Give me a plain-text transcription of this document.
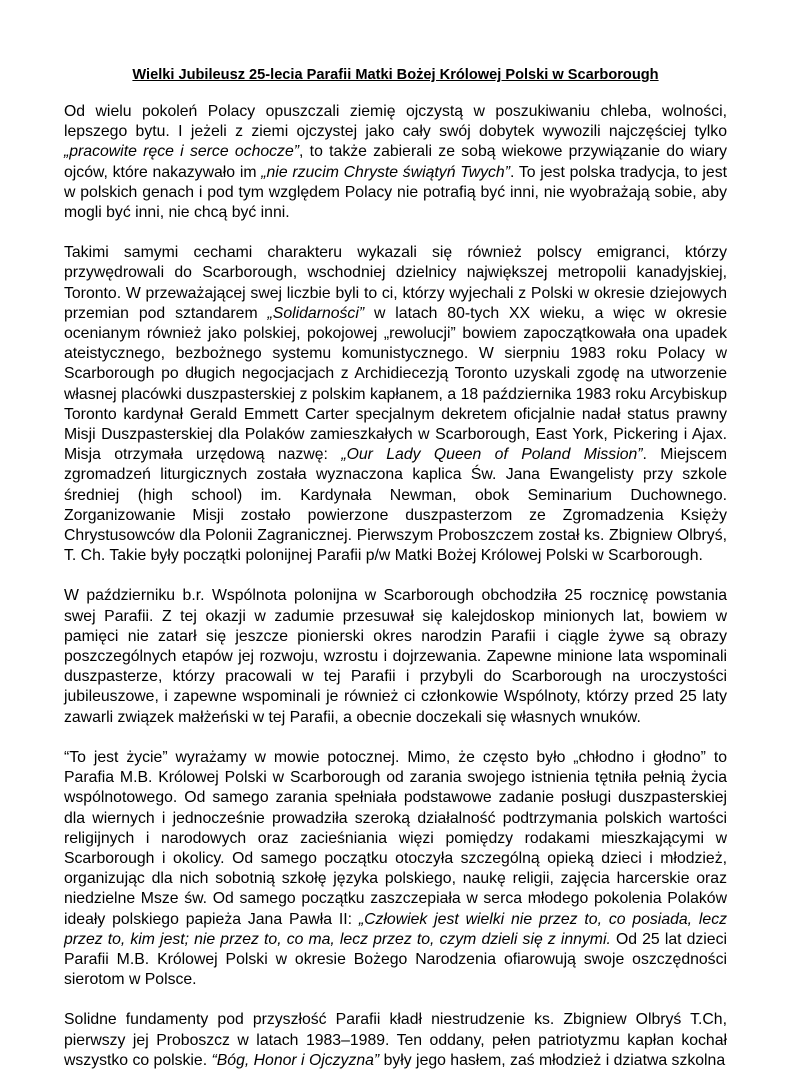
Wielki Jubileusz 25-lecia Parafii Matki Bożej Królowej Polski w Scarborough

Od wielu pokoleń Polacy opuszczali ziemię ojczystą w poszukiwaniu chleba, wolności, lepszego bytu. I jeżeli z ziemi ojczystej jako cały swój dobytek wywozili najczęściej tylko „pracowite ręce i serce ochocze”, to także zabierali ze sobą wiekowe przywiązanie do wiary ojców, które nakazywało im „nie rzucim Chryste świątyń Twych”. To jest polska tradycja, to jest w polskich genach i pod tym względem Polacy nie potrafią być inni, nie wyobrażają sobie, aby mogli być inni, nie chcą być inni.

Takimi samymi cechami charakteru wykazali się również polscy emigranci, którzy przywędrowali do Scarborough, wschodniej dzielnicy największej metropolii kanadyjskiej, Toronto. W przeważającej swej liczbie byli to ci, którzy wyjechali z Polski w okresie dziejowych przemian pod sztandarem „Solidarności” w latach 80-tych XX wieku, a więc w okresie ocenianym również jako polskiej, pokojowej „rewolucji” bowiem zapoczątkowała ona upadek ateistycznego, bezbożnego systemu komunistycznego. W sierpniu 1983 roku Polacy w Scarborough po długich negocjacjach z Archidiecezją Toronto uzyskali zgodę na utworzenie własnej placówki duszpasterskiej z polskim kapłanem, a 18 października 1983 roku Arcybiskup Toronto kardynał Gerald Emmett Carter specjalnym dekretem oficjalnie nadał status prawny Misji Duszpasterskiej dla Polaków zamieszkałych w Scarborough, East York, Pickering i Ajax. Misja otrzymała urzędową nazwę: „Our Lady Queen of Poland Mission”. Miejscem zgromadzeń liturgicznych została wyznaczona kaplica Św. Jana Ewangelisty przy szkole średniej (high school) im. Kardynała Newman, obok Seminarium Duchownego. Zorganizowanie Misji zostało powierzone duszpasterzom ze Zgromadzenia Księży Chrystusowców dla Polonii Zagranicznej. Pierwszym Proboszczem został ks. Zbigniew Olbryś, T. Ch. Takie były początki polonijnej Parafii p/w Matki Bożej Królowej Polski w Scarborough.

W październiku b.r. Wspólnota polonijna w Scarborough obchodziła 25 rocznicę powstania swej Parafii. Z tej okazji w zadumie przesuwał się kalejdoskop minionych lat, bowiem w pamięci nie zatarł się jeszcze pionierski okres narodzin Parafii i ciągle żywe są obrazy poszczególnych etapów jej rozwoju, wzrostu i dojrzewania. Zapewne minione lata wspominali duszpasterze, którzy pracowali w tej Parafii i przybyli do Scarborough na uroczystości jubileuszowe, i zapewne wspominali je również ci członkowie Wspólnoty, którzy przed 25 laty zawarli związek małżeński w tej Parafii, a obecnie doczekali się własnych wnuków.

“To jest życie” wyrażamy w mowie potocznej. Mimo, że często było „chłodno i głodno” to Parafia M.B. Królowej Polski w Scarborough od zarania swojego istnienia tętniła pełnią życia wspólnotowego. Od samego zarania spełniała podstawowe zadanie posługi duszpasterskiej dla wiernych i jednocześnie prowadziła szeroką działalność podtrzymania polskich wartości religijnych i narodowych oraz zacieśniania więzi pomiędzy rodakami mieszkającymi w Scarborough i okolicy. Od samego początku otoczyła szczególną opieką dzieci i młodzież, organizując dla nich sobotnią szkołę języka polskiego, naukę religii, zajęcia harcerskie oraz niedzielne Msze św. Od samego początku zaszczepiała w serca młodego pokolenia Polaków ideały polskiego papieża Jana Pawła II: „Człowiek jest wielki nie przez to, co posiada, lecz przez to, kim jest; nie przez to, co ma, lecz przez to, czym dzieli się z innymi. Od 25 lat dzieci Parafii M.B. Królowej Polski w okresie Bożego Narodzenia ofiarowują swoje oszczędności sierotom w Polsce.

Solidne fundamenty pod przyszłość Parafii kładł niestrudzenie ks. Zbigniew Olbryś T.Ch, pierwszy jej Proboszcz w latach 1983–1989. Ten oddany, pełen patriotyzmu kapłan kochał wszystko co polskie. “Bóg, Honor i Ojczyzna” były jego hasłem, zaś młodzież i dziatwa szkolna
